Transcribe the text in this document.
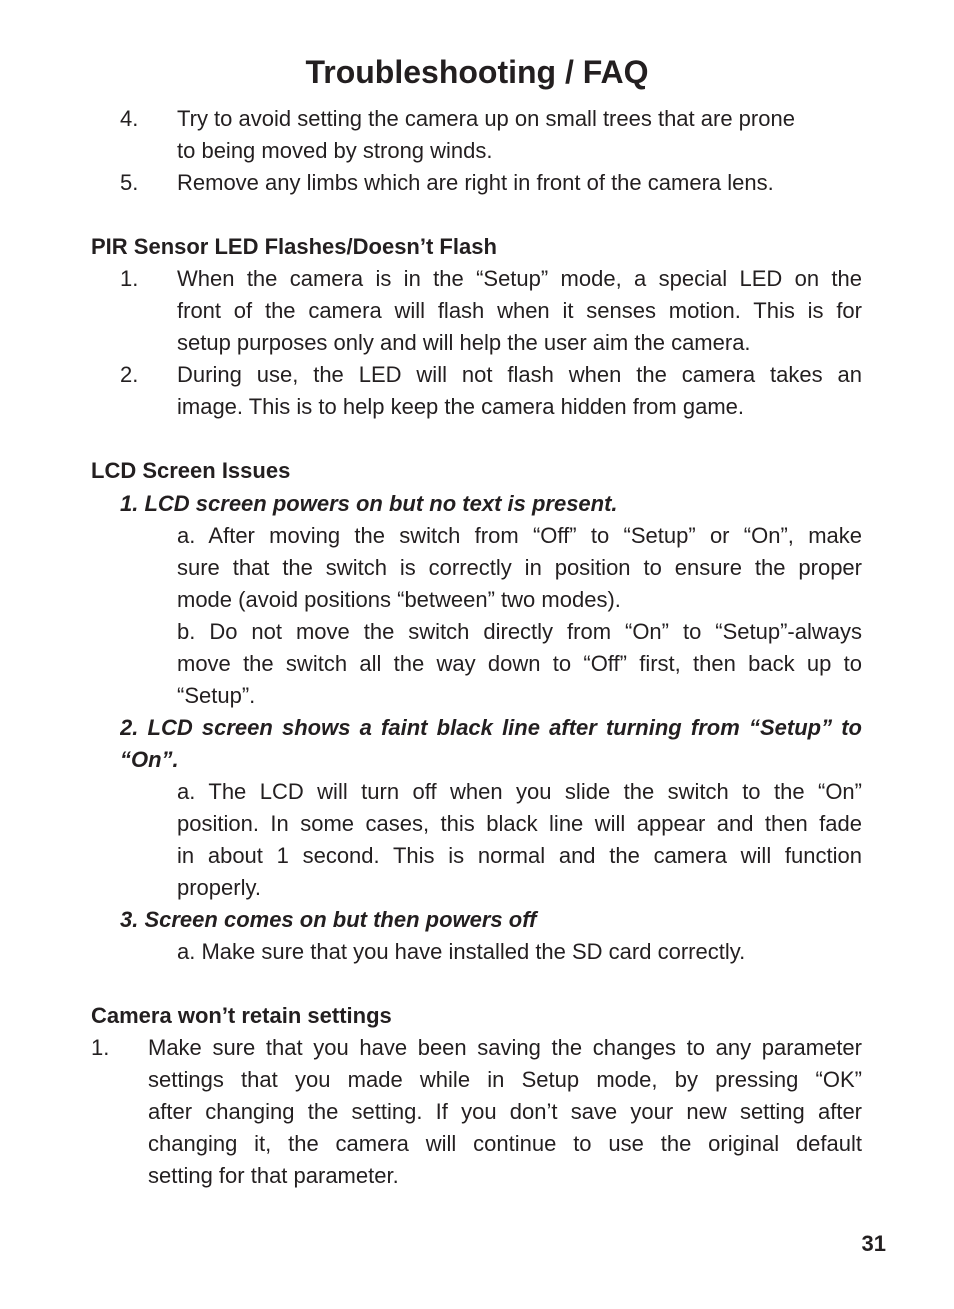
Troubleshooting / FAQ
4. Try to avoid setting the camera up on small trees that are prone
to being moved by strong winds.
5. Remove any limbs which are right in front of the camera lens.
PIR Sensor LED Flashes/Doesn’t Flash
1. When the camera is in the “Setup” mode, a special LED on the
front of the camera will flash when it senses motion. This is for
setup purposes only and will help the user aim the camera.
2. During use, the LED will not flash when the camera takes an
image. This is to help keep the camera hidden from game.
LCD Screen Issues
1. LCD screen powers on but no text is present.
a. After moving the switch from “Off” to “Setup” or “On”, make
sure that the switch is correctly in position to ensure the proper
mode (avoid positions “between” two modes).
b. Do not move the switch directly from “On” to “Setup”-always
move the switch all the way down to “Off” first, then back up to
“Setup”.
2. LCD screen shows a faint black line after turning from “Setup” to
“On”.
a. The LCD will turn off when you slide the switch to the “On”
position. In some cases, this black line will appear and then fade
in about 1 second. This is normal and the camera will function
properly.
3. Screen comes on but then powers off
a. Make sure that you have installed the SD card correctly.
Camera won’t retain settings
1. Make sure that you have been saving the changes to any parameter
settings that you made while in Setup mode, by pressing “OK”
after changing the setting. If you don’t save your new setting after
changing it, the camera will continue to use the original default
setting for that parameter.
31
